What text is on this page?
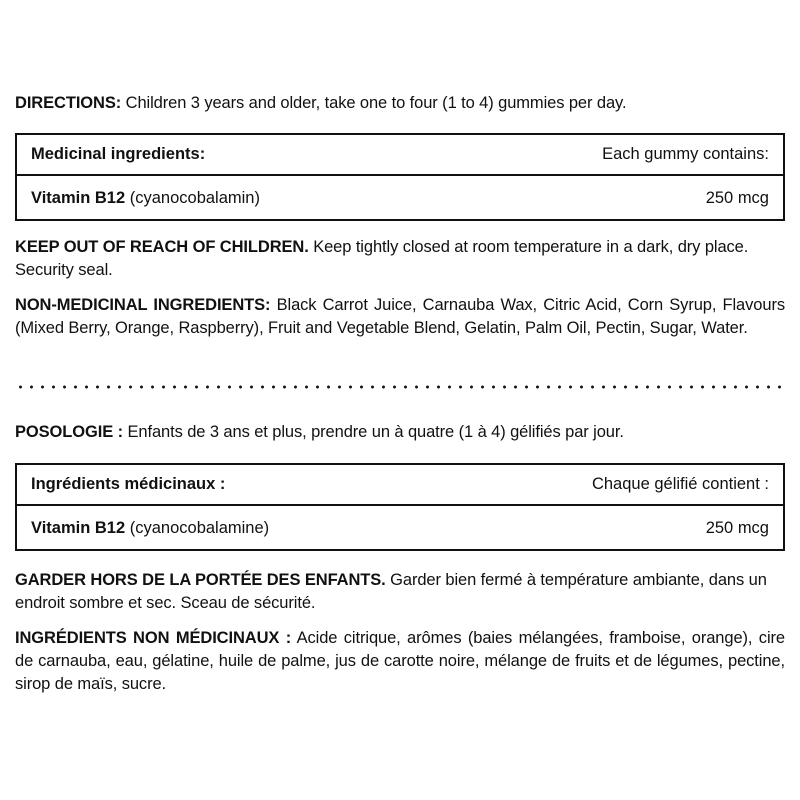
DIRECTIONS: Children 3 years and older, take one to four (1 to 4) gummies per day.

Medicinal ingredients:	Each gummy contains:
Vitamin B12 (cyanocobalamin)	250 mcg

KEEP OUT OF REACH OF CHILDREN. Keep tightly closed at room temperature in a dark, dry place. Security seal.

NON-MEDICINAL INGREDIENTS: Black Carrot Juice, Carnauba Wax, Citric Acid, Corn Syrup, Flavours (Mixed Berry, Orange, Raspberry), Fruit and Vegetable Blend, Gelatin, Palm Oil, Pectin, Sugar, Water.

POSOLOGIE : Enfants de 3 ans et plus, prendre un à quatre (1 à 4) gélifiés par jour.

Ingrédients médicinaux :	Chaque gélifié contient :
Vitamin B12 (cyanocobalamine)	250 mcg

GARDER HORS DE LA PORTÉE DES ENFANTS. Garder bien fermé à température ambiante, dans un endroit sombre et sec. Sceau de sécurité.

INGRÉDIENTS NON MÉDICINAUX : Acide citrique, arômes (baies mélangées, framboise, orange), cire de carnauba, eau, gélatine, huile de palme, jus de carotte noire, mélange de fruits et de légumes, pectine, sirop de maïs, sucre.
